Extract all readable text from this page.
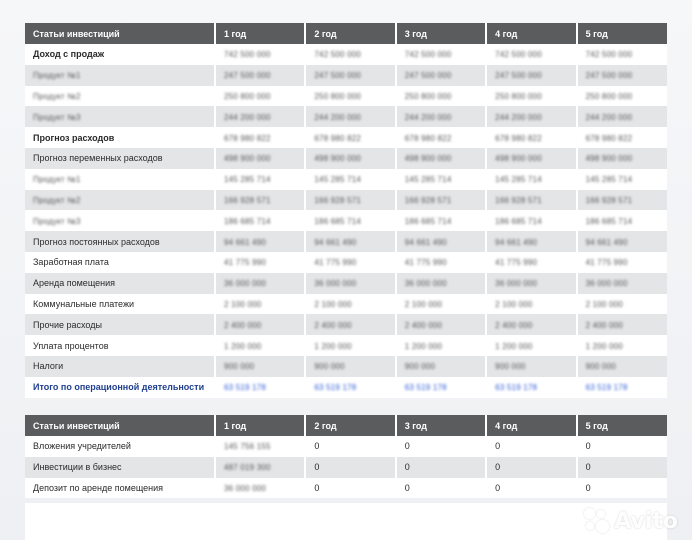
Статьи инвестиций	1 год	2 год	3 год	4 год	5 год
Доход с продаж	742 500 000	742 500 000	742 500 000	742 500 000	742 500 000
Продукт №1	247 500 000	247 500 000	247 500 000	247 500 000	247 500 000
Продукт №2	250 800 000	250 800 000	250 800 000	250 800 000	250 800 000
Продукт №3	244 200 000	244 200 000	244 200 000	244 200 000	244 200 000
Прогноз расходов	678 980 822	678 980 822	678 980 822	678 980 822	678 980 822
Прогноз переменных расходов	498 900 000	498 900 000	498 900 000	498 900 000	498 900 000
Продукт №1	145 285 714	145 285 714	145 285 714	145 285 714	145 285 714
Продукт №2	166 928 571	166 928 571	166 928 571	166 928 571	166 928 571
Продукт №3	186 685 714	186 685 714	186 685 714	186 685 714	186 685 714
Прогноз постоянных расходов	94 661 490	94 661 490	94 661 490	94 661 490	94 661 490
Заработная плата	41 775 990	41 775 990	41 775 990	41 775 990	41 775 990
Аренда помещения	36 000 000	36 000 000	36 000 000	36 000 000	36 000 000
Коммунальные платежи	2 100 000	2 100 000	2 100 000	2 100 000	2 100 000
Прочие расходы	2 400 000	2 400 000	2 400 000	2 400 000	2 400 000
Уплата процентов	1 200 000	1 200 000	1 200 000	1 200 000	1 200 000
Налоги	900 000	900 000	900 000	900 000	900 000
Итого по операционной деятельности	63 519 178	63 519 178	63 519 178	63 519 178	63 519 178
Статьи инвестиций	1 год	2 год	3 год	4 год	5 год
Вложения учредителей	145 756 155	0	0	0	0
Инвестиции в бизнес	487 019 300	0	0	0	0
Депозит по аренде помещения	36 000 000	0	0	0	0
Avito
